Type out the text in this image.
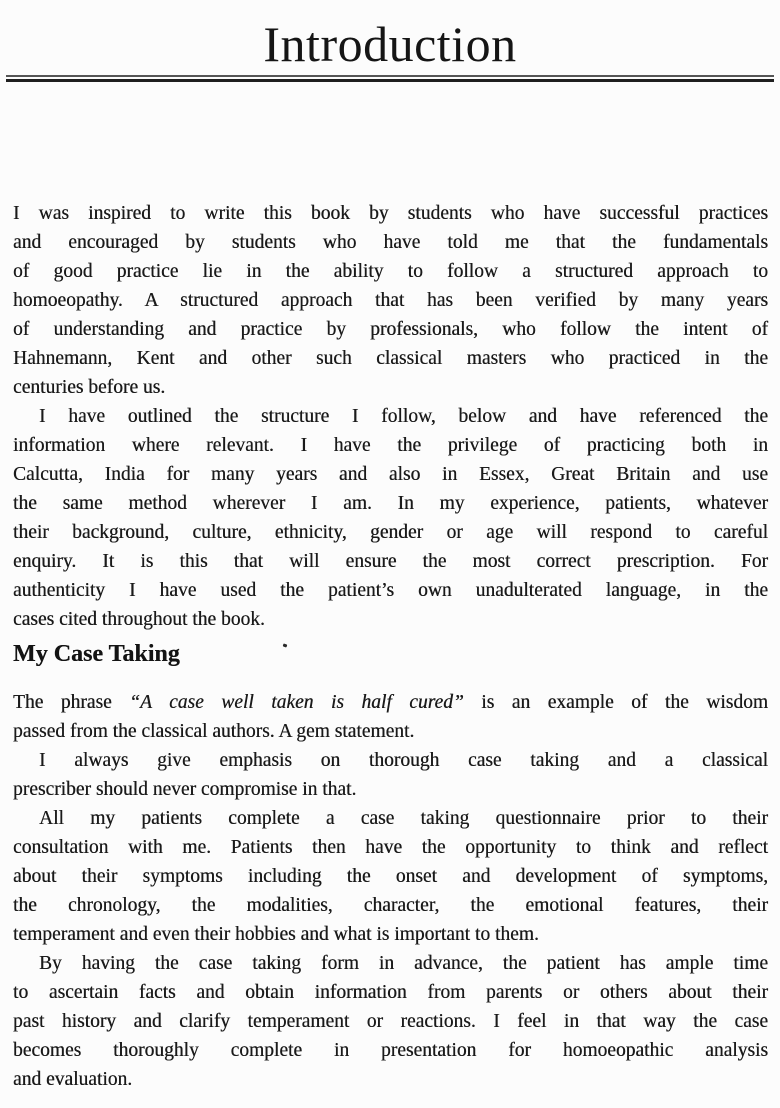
Introduction
I was inspired to write this book by students who have successful practices
and encouraged by students who have told me that the fundamentals
of good practice lie in the ability to follow a structured approach to
homoeopathy. A structured approach that has been verified by many years
of understanding and practice by professionals, who follow the intent of
Hahnemann, Kent and other such classical masters who practiced in the
centuries before us.
I have outlined the structure I follow, below and have referenced the
information where relevant. I have the privilege of practicing both in
Calcutta, India for many years and also in Essex, Great Britain and use
the same method wherever I am. In my experience, patients, whatever
their background, culture, ethnicity, gender or age will respond to careful
enquiry. It is this that will ensure the most correct prescription. For
authenticity I have used the patient’s own unadulterated language, in the
cases cited throughout the book.
My Case Taking
The phrase “A case well taken is half cured” is an example of the wisdom
passed from the classical authors. A gem statement.
I always give emphasis on thorough case taking and a classical
prescriber should never compromise in that.
All my patients complete a case taking questionnaire prior to their
consultation with me. Patients then have the opportunity to think and reflect
about their symptoms including the onset and development of symptoms,
the chronology, the modalities, character, the emotional features, their
temperament and even their hobbies and what is important to them.
By having the case taking form in advance, the patient has ample time
to ascertain facts and obtain information from parents or others about their
past history and clarify temperament or reactions. I feel in that way the case
becomes thoroughly complete in presentation for homoeopathic analysis
and evaluation.
